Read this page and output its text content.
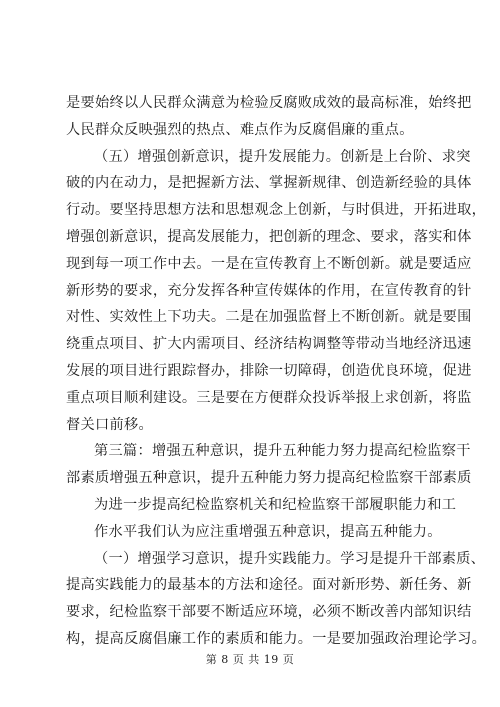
是要始终以人民群众满意为检验反腐败成效的最高标准，始终把
人民群众反映强烈的热点、难点作为反腐倡廉的重点。
（五）增强创新意识，提升发展能力。创新是上台阶、求突
破的内在动力，是把握新方法、掌握新规律、创造新经验的具体
行动。要坚持思想方法和思想观念上创新，与时俱进，开拓进取，
增强创新意识，提高发展能力，把创新的理念、要求，落实和体
现到每一项工作中去。一是在宣传教育上不断创新。就是要适应
新形势的要求，充分发挥各种宣传媒体的作用，在宣传教育的针
对性、实效性上下功夫。二是在加强监督上不断创新。就是要围
绕重点项目、扩大内需项目、经济结构调整等带动当地经济迅速
发展的项目进行跟踪督办，排除一切障碍，创造优良环境，促进
重点项目顺利建设。三是要在方便群众投诉举报上求创新，将监
督关口前移。
第三篇：增强五种意识，提升五种能力努力提高纪检监察干
部素质增强五种意识，提升五种能力努力提高纪检监察干部素质
为进一步提高纪检监察机关和纪检监察干部履职能力和工
作水平我们认为应注重增强五种意识，提高五种能力。
（一）增强学习意识，提升实践能力。学习是提升干部素质、
提高实践能力的最基本的方法和途径。面对新形势、新任务、新
要求，纪检监察干部要不断适应环境，必须不断改善内部知识结
构，提高反腐倡廉工作的素质和能力。一是要加强政治理论学习。
第 8 页 共 19 页
